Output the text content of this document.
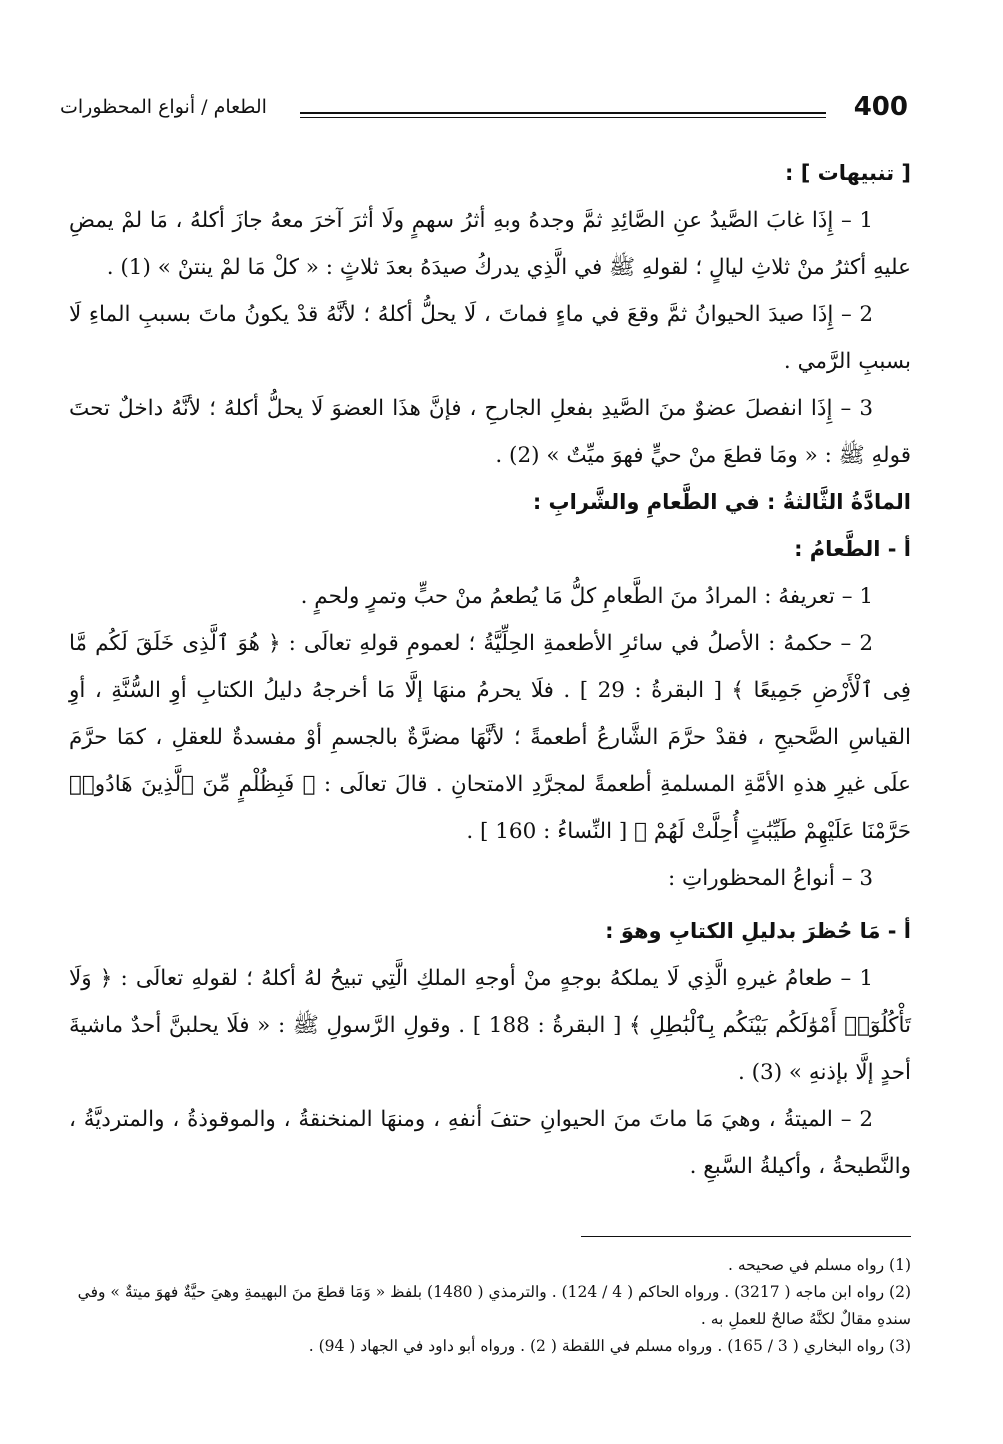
400
الطعام / أنواع المحظورات

[ تنبيهات ] :

1 – إِذَا غابَ الصَّيدُ عنِ الصَّائِدِ ثمَّ وجدهُ وبهِ أثرُ سهمٍ ولَا أثرَ آخرَ معهُ جازَ أكلهُ ، مَا لمْ يمضِ عليهِ أكثرُ منْ ثلاثِ ليالٍ ؛ لقولهِ ﷺ في الَّذِي يدركُ صيدَهُ بعدَ ثلاثٍ : « كلْ مَا لمْ ينتنْ » (1) .

2 – إِذَا صيدَ الحيوانُ ثمَّ وقعَ في ماءٍ فماتَ ، لَا يحلُّ أكلهُ ؛ لأنَّهُ قدْ يكونُ ماتَ بسببِ الماءِ لَا بسببِ الرَّمي .

3 – إِذَا انفصلَ عضوٌ منَ الصَّيدِ بفعلِ الجارحِ ، فإنَّ هذَا العضوَ لَا يحلُّ أكلهُ ؛ لأنَّهُ داخلٌ تحتَ قولهِ ﷺ : « ومَا قطعَ منْ حيٍّ فهوَ ميِّتٌ » (2) .

المادَّةُ الثَّالثةُ : في الطَّعامِ والشَّرابِ :

أ - الطَّعامُ :

1 – تعريفهُ : المرادُ منَ الطَّعامِ كلُّ مَا يُطعمُ منْ حبٍّ وتمرٍ ولحمٍ .

2 – حكمهُ : الأصلُ في سائرِ الأطعمةِ الحِلِّيَّةُ ؛ لعمومِ قولهِ تعالَى : ﴿ هُوَ ٱلَّذِى خَلَقَ لَكُم مَّا فِى ٱلْأَرْضِ جَمِيعًا ﴾ [ البقرةُ : 29 ] . فلَا يحرمُ منهَا إلَّا مَا أخرجهُ دليلُ الكتابِ أوِ السُّنَّةِ ، أوِ القياسِ الصَّحيحِ ، فقدْ حرَّمَ الشَّارعُ أطعمةً ؛ لأنَّهَا مضرَّةٌ بالجسمِ أوْ مفسدةٌ للعقلِ ، كمَا حرَّمَ علَى غيرِ هذهِ الأمَّةِ المسلمةِ أطعمةً لمجرَّدِ الامتحانِ . قالَ تعالَى : ﴿ فَبِظُلْمٍ مِّنَ ٱلَّذِينَ هَادُوا۟ حَرَّمْنَا عَلَيْهِمْ طَيِّبَٰتٍ أُحِلَّتْ لَهُمْ ﴾ [ النِّساءُ : 160 ] .

3 – أنواعُ المحظوراتِ :

أ - مَا حُظرَ بدليلِ الكتابِ وهوَ :

1 – طعامُ غيرهِ الَّذِي لَا يملكهُ بوجهٍ منْ أوجهِ الملكِ الَّتِي تبيحُ لهُ أكلهُ ؛ لقولهِ تعالَى : ﴿ وَلَا تَأْكُلُوٓا۟ أَمْوَٰلَكُم بَيْنَكُم بِٱلْبَٰطِلِ ﴾ [ البقرةُ : 188 ] . وقولِ الرَّسولِ ﷺ : « فلَا يحلبنَّ أحدٌ ماشيةَ أحدٍ إلَّا بإذنهِ » (3) .

2 – الميتةُ ، وهيَ مَا ماتَ منَ الحيوانِ حتفَ أنفهِ ، ومنهَا المنخنقةُ ، والموقوذةُ ، والمترديَّةُ ، والنَّطيحةُ ، وأكيلةُ السَّبعِ .

(1) رواه مسلم في صحيحه .

(2) رواه ابن ماجه ( 3217) . ورواه الحاكم ( 4 / 124) . والترمذي ( 1480) بلفظ « وَمَا قطعَ منَ البهيمةِ وهيَ حيَّةٌ فهوَ ميتةٌ » وفي سندهِ مقالٌ لكنَّهُ صالحٌ للعملِ به .

(3) رواه البخاري ( 3 / 165) . ورواه مسلم في اللقطة ( 2) . ورواه أبو داود في الجهاد ( 94) .
